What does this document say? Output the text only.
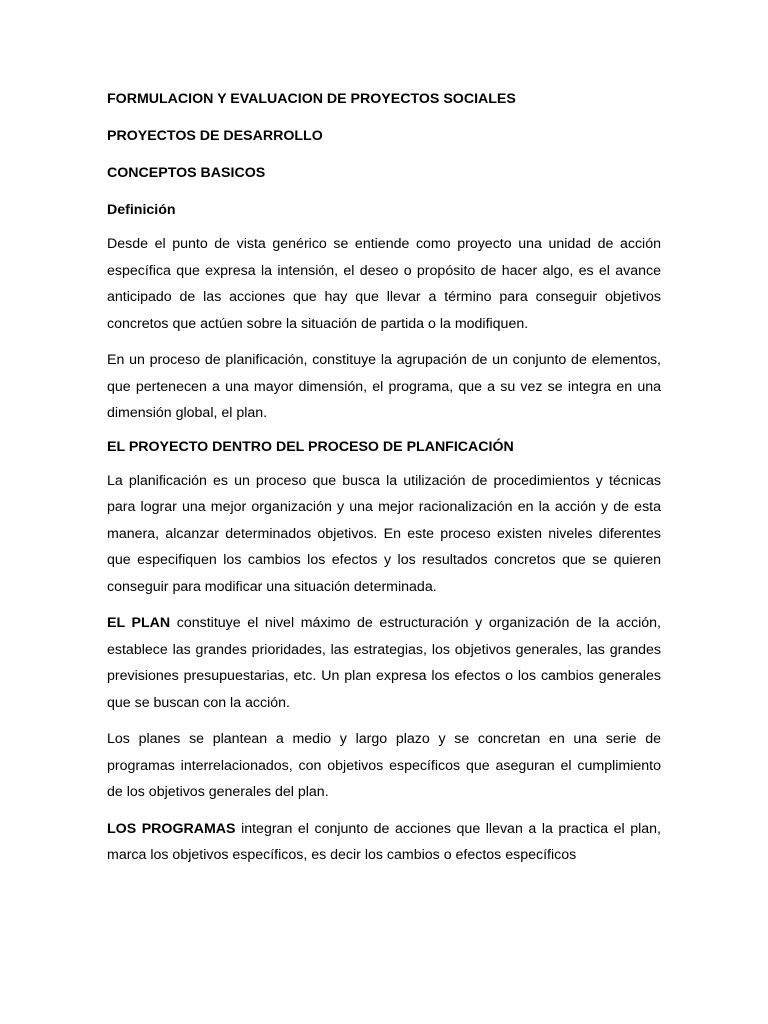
FORMULACION Y EVALUACION DE PROYECTOS SOCIALES
PROYECTOS DE DESARROLLO
CONCEPTOS BASICOS
Definición

Desde el punto de vista genérico se entiende como proyecto una unidad de acción específica que expresa la intensión, el deseo o propósito de hacer algo, es el avance anticipado de las acciones que hay que llevar a término para conseguir objetivos concretos que actúen sobre la situación de partida o la modifiquen.

En un proceso de planificación, constituye la agrupación de un conjunto de elementos, que pertenecen a una mayor dimensión, el programa, que a su vez se integra en una dimensión global, el plan.

EL PROYECTO DENTRO DEL PROCESO DE PLANFICACIÓN

La planificación es un proceso que busca la utilización de procedimientos y técnicas para lograr una mejor organización y una mejor racionalización en la acción y de esta manera, alcanzar determinados objetivos. En este proceso existen niveles diferentes que especifiquen los cambios los efectos y los resultados concretos que se quieren conseguir para modificar una situación determinada.

EL PLAN constituye el nivel máximo de estructuración y organización de la acción, establece las grandes prioridades, las estrategias, los objetivos generales, las grandes previsiones presupuestarias, etc. Un plan expresa los efectos o los cambios generales que se buscan con la acción.

Los planes se plantean a medio y largo plazo y se concretan en una serie de programas interrelacionados, con objetivos específicos que aseguran el cumplimiento de los objetivos generales del plan.

LOS PROGRAMAS integran el conjunto de acciones que llevan a la practica el plan, marca los objetivos específicos, es decir los cambios o efectos específicos
